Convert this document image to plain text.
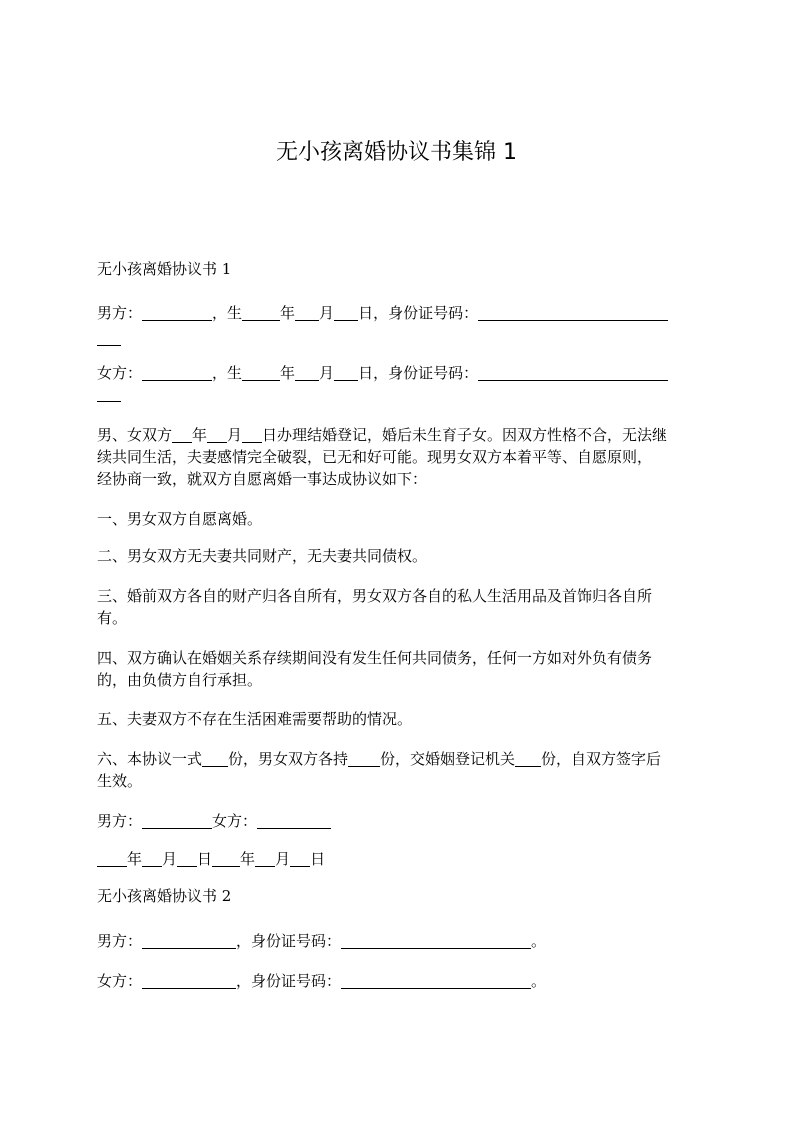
无小孩离婚协议书集锦 1
无小孩离婚协议书 1
男方：	，生	年 月 日，身份证号码：
女方：	，生	年 月 日，身份证号码：
男、女双方 年 月 日办理结婚登记，婚后未生育子女。因双方性格不合，无法继
续共同生活，夫妻感情完全破裂，已无和好可能。现男女双方本着平等、自愿原则，
经协商一致，就双方自愿离婚一事达成协议如下：
一、男女双方自愿离婚。
二、男女双方无夫妻共同财产，无夫妻共同债权。
三、婚前双方各自的财产归各自所有，男女双方各自的私人生活用品及首饰归各自所
有。
四、双方确认在婚姻关系存续期间没有发生任何共同债务，任何一方如对外负有债务
的，由负债方自行承担。
五、夫妻双方不存在生活困难需要帮助的情况。
六、本协议一式 份，男女双方各持 份，交婚姻登记机关 份，自双方签字后
生效。
男方：	女方：
年 月 日 年 月 日
无小孩离婚协议书 2
男方：	，身份证号码：	。
女方：	，身份证号码：	。
